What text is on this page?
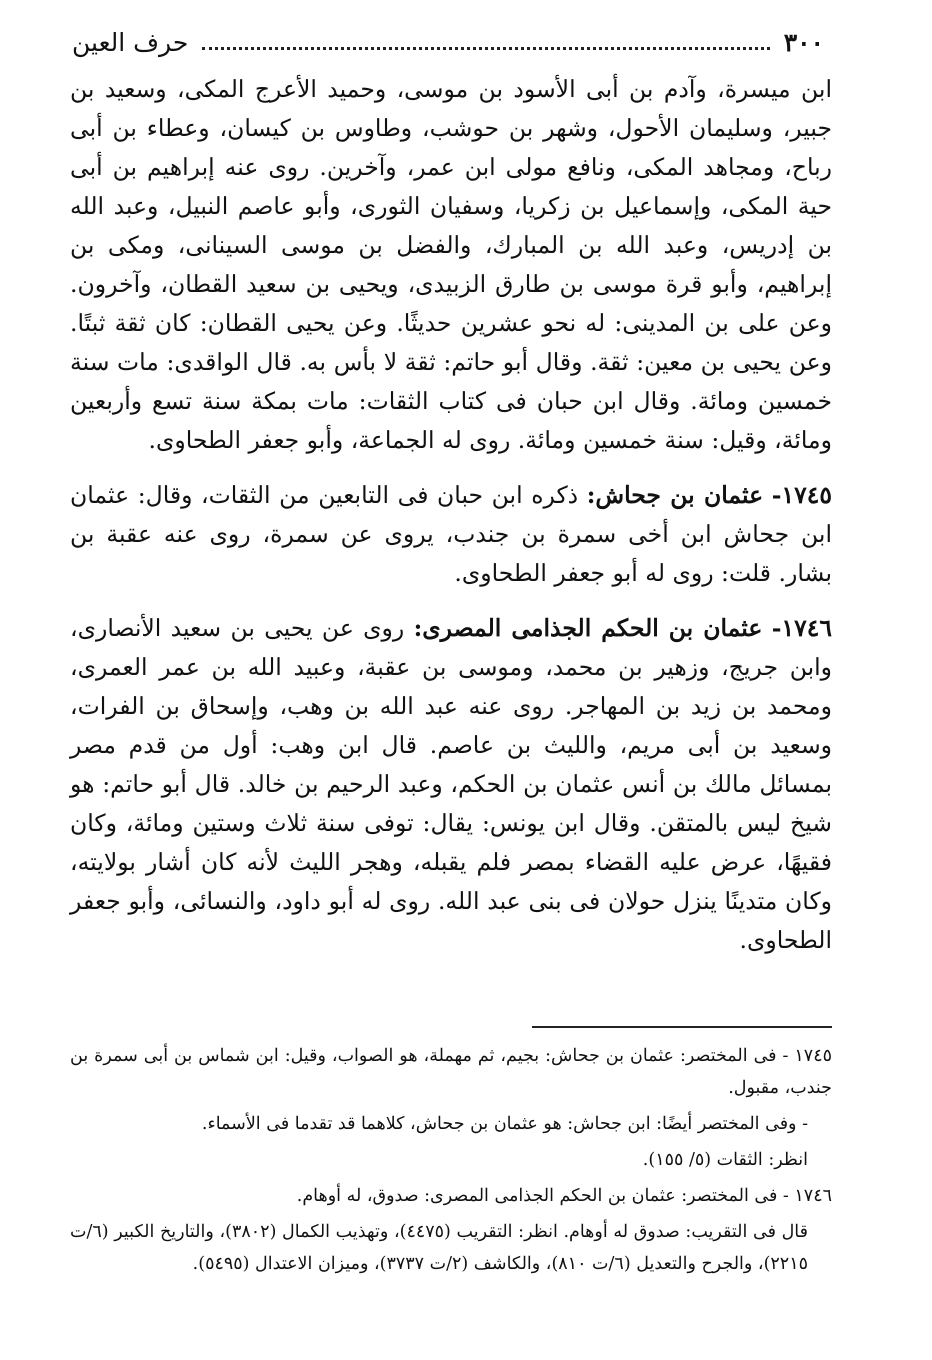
٣٠٠
حرف العين

ابن ميسرة، وآدم بن أبى الأسود بن موسى، وحميد الأعرج المكى، وسعيد بن جبير، وسليمان الأحول، وشهر بن حوشب، وطاوس بن كيسان، وعطاء بن أبى رباح، ومجاهد المكى، ونافع مولى ابن عمر، وآخرين. روى عنه إبراهيم بن أبى حية المكى، وإسماعيل بن زكريا، وسفيان الثورى، وأبو عاصم النبيل، وعبد الله بن إدريس، وعبد الله بن المبارك، والفضل بن موسى السينانى، ومكى بن إبراهيم، وأبو قرة موسى بن طارق الزبيدى، ويحيى بن سعيد القطان، وآخرون. وعن على بن المدينى: له نحو عشرين حديثًا. وعن يحيى القطان: كان ثقة ثبتًا. وعن يحيى بن معين: ثقة. وقال أبو حاتم: ثقة لا بأس به. قال الواقدى: مات سنة خمسين ومائة. وقال ابن حبان فى كتاب الثقات: مات بمكة سنة تسع وأربعين ومائة، وقيل: سنة خمسين ومائة. روى له الجماعة، وأبو جعفر الطحاوى.

١٧٤٥- عثمان بن جحاش: ذكره ابن حبان فى التابعين من الثقات، وقال: عثمان ابن جحاش ابن أخى سمرة بن جندب، يروى عن سمرة، روى عنه عقبة بن بشار. قلت: روى له أبو جعفر الطحاوى.

١٧٤٦- عثمان بن الحكم الجذامى المصرى: روى عن يحيى بن سعيد الأنصارى، وابن جريج، وزهير بن محمد، وموسى بن عقبة، وعبيد الله بن عمر العمرى، ومحمد بن زيد بن المهاجر. روى عنه عبد الله بن وهب، وإسحاق بن الفرات، وسعيد بن أبى مريم، والليث بن عاصم. قال ابن وهب: أول من قدم مصر بمسائل مالك بن أنس عثمان بن الحكم، وعبد الرحيم بن خالد. قال أبو حاتم: هو شيخ ليس بالمتقن. وقال ابن يونس: يقال: توفى سنة ثلاث وستين ومائة، وكان فقيهًا، عرض عليه القضاء بمصر فلم يقبله، وهجر الليث لأنه كان أشار بولايته، وكان متدينًا ينزل حولان فى بنى عبد الله. روى له أبو داود، والنسائى، وأبو جعفر الطحاوى.

١٧٤٥ - فى المختصر: عثمان بن جحاش: بجيم، ثم مهملة، هو الصواب، وقيل: ابن شماس بن أبى سمرة بن جندب، مقبول.

- وفى المختصر أيضًا: ابن جحاش: هو عثمان بن جحاش، كلاهما قد تقدما فى الأسماء.

انظر: الثقات (٥/ ١٥٥).

١٧٤٦ - فى المختصر: عثمان بن الحكم الجذامى المصرى: صدوق، له أوهام.

قال فى التقريب: صدوق له أوهام. انظر: التقريب (٤٤٧٥)، وتهذيب الكمال (٣٨٠٢)، والتاريخ الكبير (٦/ت ٢٢١٥)، والجرح والتعديل (٦/ت ٨١٠)، والكاشف (٢/ت ٣٧٣٧)، وميزان الاعتدال (٥٤٩٥).
